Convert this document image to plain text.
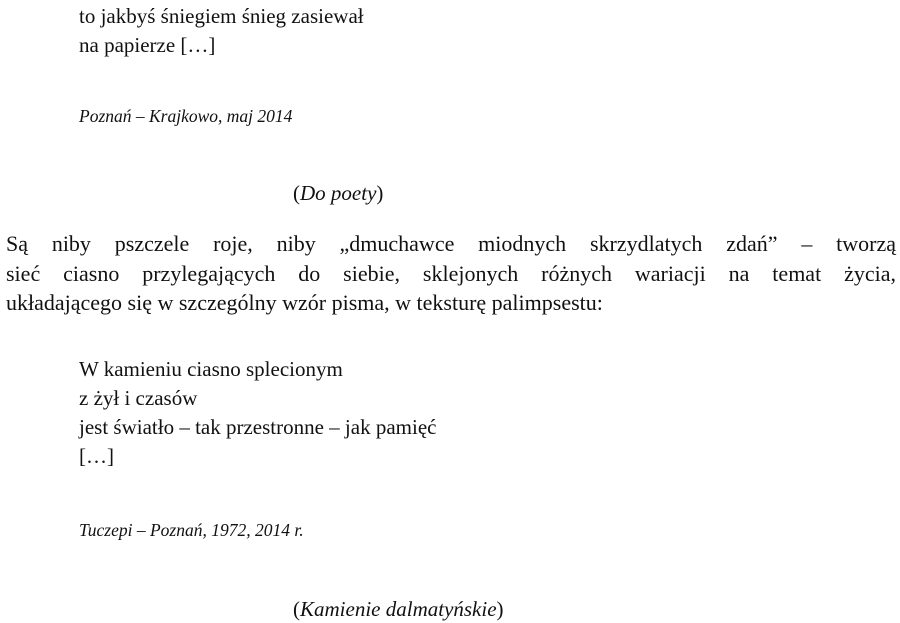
to jakbyś śniegiem śnieg zasiewał
na papierze […]
Poznań – Krajkowo, maj 2014
(Do poety)
Są niby pszczele roje, niby „dmuchawce miodnych skrzydlatych zdań” – tworzą
sieć ciasno przylegających do siebie, sklejonych różnych wariacji na temat życia,
układającego się w szczególny wzór pisma, w teksturę palimpsestu:
W kamieniu ciasno splecionym
z żył i czasów
jest światło – tak przestronne – jak pamięć
[…]
Tuczepi – Poznań, 1972, 2014 r.
(Kamienie dalmatyńskie)
